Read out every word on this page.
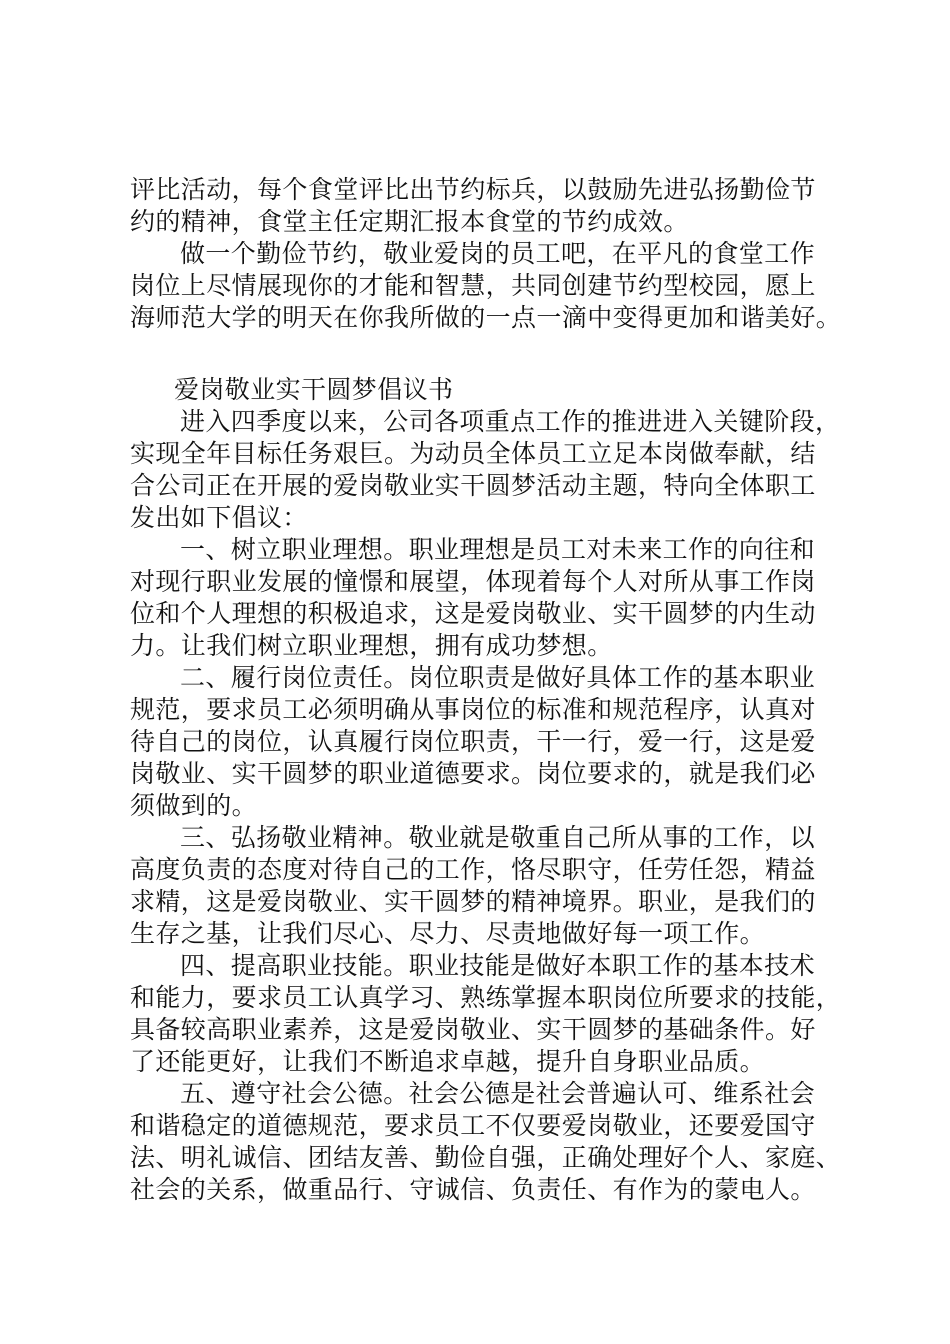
评比活动，每个食堂评比出节约标兵，以鼓励先进弘扬勤俭节
约的精神，食堂主任定期汇报本食堂的节约成效。
做一个勤俭节约，敬业爱岗的员工吧，在平凡的食堂工作
岗位上尽情展现你的才能和智慧，共同创建节约型校园，愿上
海师范大学的明天在你我所做的一点一滴中变得更加和谐美好。
爱岗敬业实干圆梦倡议书
进入四季度以来，公司各项重点工作的推进进入关键阶段，
实现全年目标任务艰巨。为动员全体员工立足本岗做奉献，结
合公司正在开展的爱岗敬业实干圆梦活动主题，特向全体职工
发出如下倡议：
一、树立职业理想。职业理想是员工对未来工作的向往和
对现行职业发展的憧憬和展望，体现着每个人对所从事工作岗
位和个人理想的积极追求，这是爱岗敬业、实干圆梦的内生动
力。让我们树立职业理想，拥有成功梦想。
二、履行岗位责任。岗位职责是做好具体工作的基本职业
规范，要求员工必须明确从事岗位的标准和规范程序，认真对
待自己的岗位，认真履行岗位职责，干一行，爱一行，这是爱
岗敬业、实干圆梦的职业道德要求。岗位要求的，就是我们必
须做到的。
三、弘扬敬业精神。敬业就是敬重自己所从事的工作，以
高度负责的态度对待自己的工作，恪尽职守，任劳任怨，精益
求精，这是爱岗敬业、实干圆梦的精神境界。职业，是我们的
生存之基，让我们尽心、尽力、尽责地做好每一项工作。
四、提高职业技能。职业技能是做好本职工作的基本技术
和能力，要求员工认真学习、熟练掌握本职岗位所要求的技能，
具备较高职业素养，这是爱岗敬业、实干圆梦的基础条件。好
了还能更好，让我们不断追求卓越，提升自身职业品质。
五、遵守社会公德。社会公德是社会普遍认可、维系社会
和谐稳定的道德规范，要求员工不仅要爱岗敬业，还要爱国守
法、明礼诚信、团结友善、勤俭自强，正确处理好个人、家庭、
社会的关系，做重品行、守诚信、负责任、有作为的蒙电人。
